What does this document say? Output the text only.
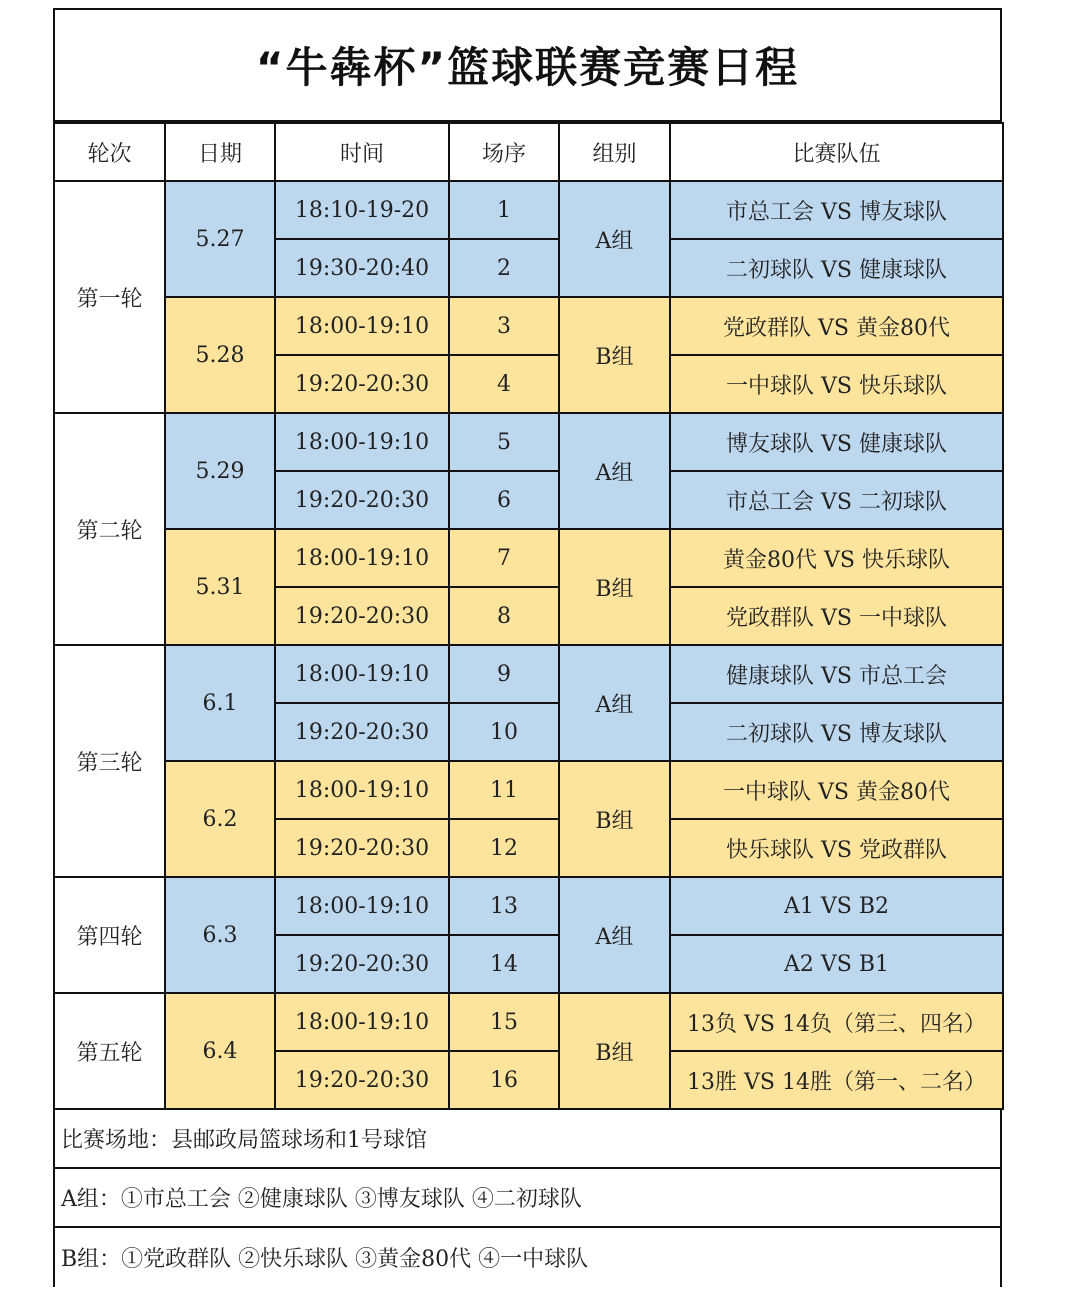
“牛犇杯”篮球联赛竞赛日程
轮次	日期	时间	场序	组别	比赛队伍
第一轮	5.27	18:10-19-20	1	A组	市总工会 VS 博友球队
		19:30-20:40	2		二初球队 VS 健康球队
	5.28	18:00-19:10	3	B组	党政群队 VS 黄金80代
		19:20-20:30	4		一中球队 VS 快乐球队
第二轮	5.29	18:00-19:10	5	A组	博友球队 VS 健康球队
		19:20-20:30	6		市总工会 VS 二初球队
	5.31	18:00-19:10	7	B组	黄金80代 VS 快乐球队
		19:20-20:30	8		党政群队 VS 一中球队
第三轮	6.1	18:00-19:10	9	A组	健康球队 VS 市总工会
		19:20-20:30	10		二初球队 VS 博友球队
	6.2	18:00-19:10	11	B组	一中球队 VS 黄金80代
		19:20-20:30	12		快乐球队 VS 党政群队
第四轮	6.3	18:00-19:10	13	A组	A1 VS B2
		19:20-20:30	14		A2 VS B1
第五轮	6.4	18:00-19:10	15	B组	13负 VS 14负（第三、四名）
		19:20-20:30	16		13胜 VS 14胜（第一、二名）
比赛场地：县邮政局篮球场和1号球馆
A组：①市总工会 ②健康球队 ③博友球队 ④二初球队
B组：①党政群队 ②快乐球队 ③黄金80代 ④一中球队
